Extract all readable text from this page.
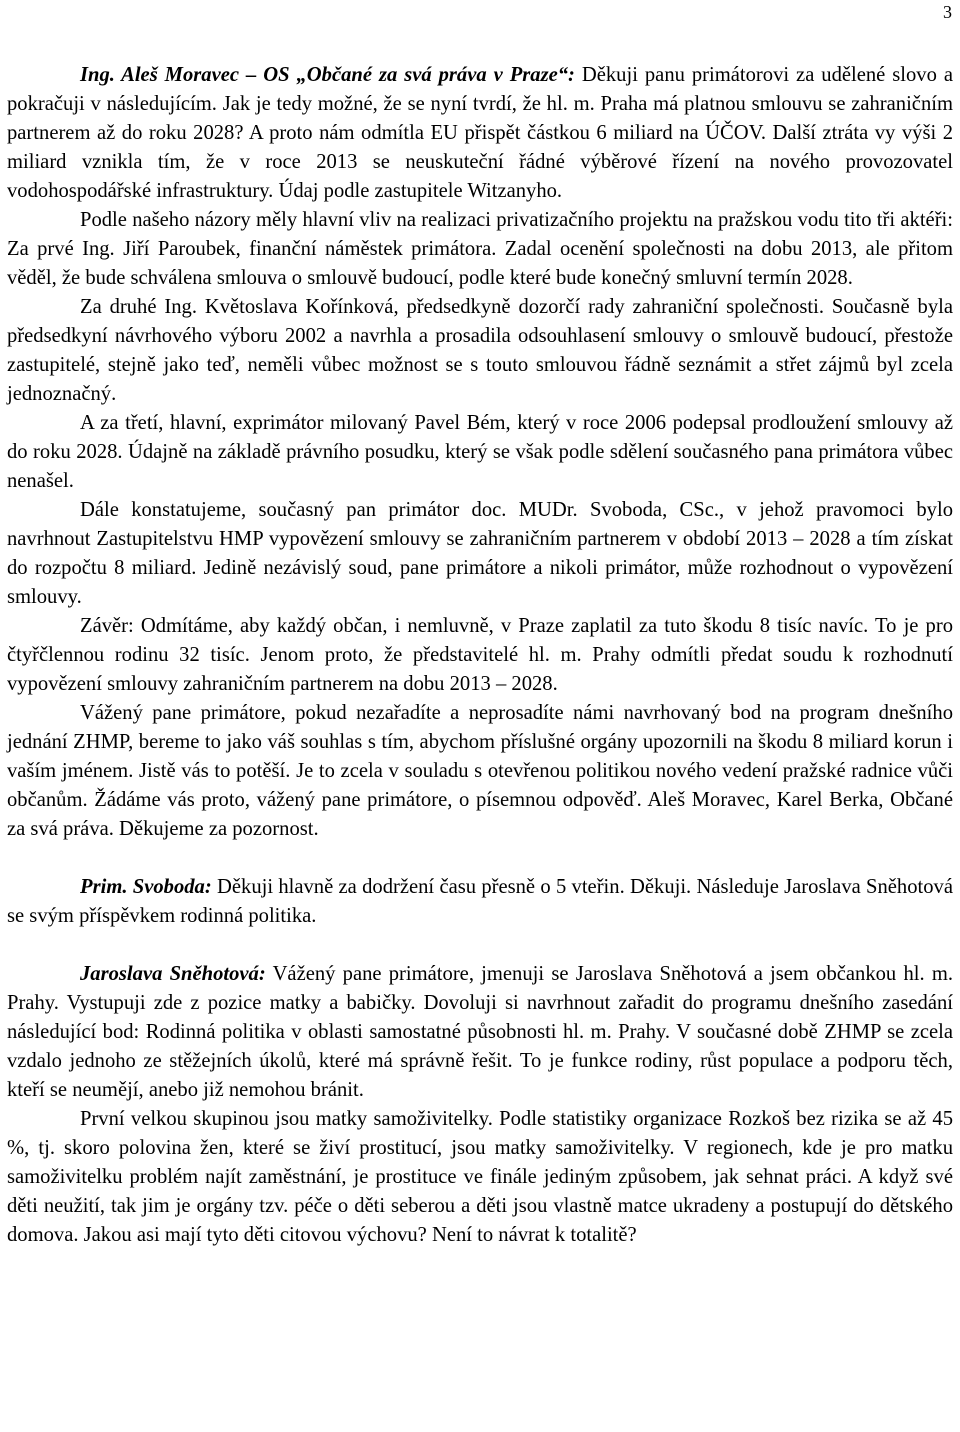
3

Ing. Aleš Moravec – OS „Občané za svá práva v Praze“: Děkuji panu primátorovi za udělené slovo a pokračuji v následujícím. Jak je tedy možné, že se nyní tvrdí, že hl. m. Praha má platnou smlouvu se zahraničním partnerem až do roku 2028? A proto nám odmítla EU přispět částkou 6 miliard na ÚČOV. Další ztráta vy výši 2 miliard vznikla tím, že v roce 2013 se neuskuteční řádné výběrové řízení na nového provozovatel vodohospodářské infrastruktury. Údaj podle zastupitele Witzanyho.

Podle našeho názory měly hlavní vliv na realizaci privatizačního projektu na pražskou vodu tito tři aktéři: Za prvé Ing. Jiří Paroubek, finanční náměstek primátora. Zadal ocenění společnosti na dobu 2013, ale přitom věděl, že bude schválena smlouva o smlouvě budoucí, podle které bude konečný smluvní termín 2028.

Za druhé Ing. Květoslava Kořínková, předsedkyně dozorčí rady zahraniční společnosti. Současně byla předsedkyní návrhového výboru 2002 a navrhla a prosadila odsouhlasení smlouvy o smlouvě budoucí, přestože zastupitelé, stejně jako teď, neměli vůbec možnost se s touto smlouvou řádně seznámit a střet zájmů byl zcela jednoznačný.

A za třetí, hlavní, exprimátor milovaný Pavel Bém, který v roce 2006 podepsal prodloužení smlouvy až do roku 2028. Údajně na základě právního posudku, který se však podle sdělení současného pana primátora vůbec nenašel.

Dále konstatujeme, současný pan primátor doc. MUDr. Svoboda, CSc., v jehož pravomoci bylo navrhnout Zastupitelstvu HMP vypovězení smlouvy se zahraničním partnerem v období 2013 – 2028 a tím získat do rozpočtu 8 miliard. Jedině nezávislý soud, pane primátore a nikoli primátor, může rozhodnout o vypovězení smlouvy.

Závěr: Odmítáme, aby každý občan, i nemluvně, v Praze zaplatil za tuto škodu 8 tisíc navíc. To je pro čtyřčlennou rodinu 32 tisíc. Jenom proto, že představitelé hl. m. Prahy odmítli předat soudu k rozhodnutí vypovězení smlouvy zahraničním partnerem na dobu 2013 – 2028.

Vážený pane primátore, pokud nezařadíte a neprosadíte námi navrhovaný bod na program dnešního jednání ZHMP, bereme to jako váš souhlas s tím, abychom příslušné orgány upozornili na škodu 8 miliard korun i vaším jménem. Jistě vás to potěší. Je to zcela v souladu s otevřenou politikou nového vedení pražské radnice vůči občanům. Žádáme vás proto, vážený pane primátore, o písemnou odpověď. Aleš Moravec, Karel Berka, Občané za svá práva. Děkujeme za pozornost.

Prim. Svoboda: Děkuji hlavně za dodržení času přesně o 5 vteřin. Děkuji. Následuje Jaroslava Sněhotová se svým příspěvkem rodinná politika.

Jaroslava Sněhotová: Vážený pane primátore, jmenuji se Jaroslava Sněhotová a jsem občankou hl. m. Prahy. Vystupuji zde z pozice matky a babičky. Dovoluji si navrhnout zařadit do programu dnešního zasedání následující bod: Rodinná politika v oblasti samostatné působnosti hl. m. Prahy. V současné době ZHMP se zcela vzdalo jednoho ze stěžejních úkolů, které má správně řešit. To je funkce rodiny, růst populace a podporu těch, kteří se neumějí, anebo již nemohou bránit.

První velkou skupinou jsou matky samoživitelky. Podle statistiky organizace Rozkoš bez rizika se až 45 %, tj. skoro polovina žen, které se živí prostitucí, jsou matky samoživitelky. V regionech, kde je pro matku samoživitelku problém najít zaměstnání, je prostituce ve finále jediným způsobem, jak sehnat práci. A když své děti neužití, tak jim je orgány tzv. péče o děti seberou a děti jsou vlastně matce ukradeny a postupují do dětského domova. Jakou asi mají tyto děti citovou výchovu? Není to návrat k totalitě?
